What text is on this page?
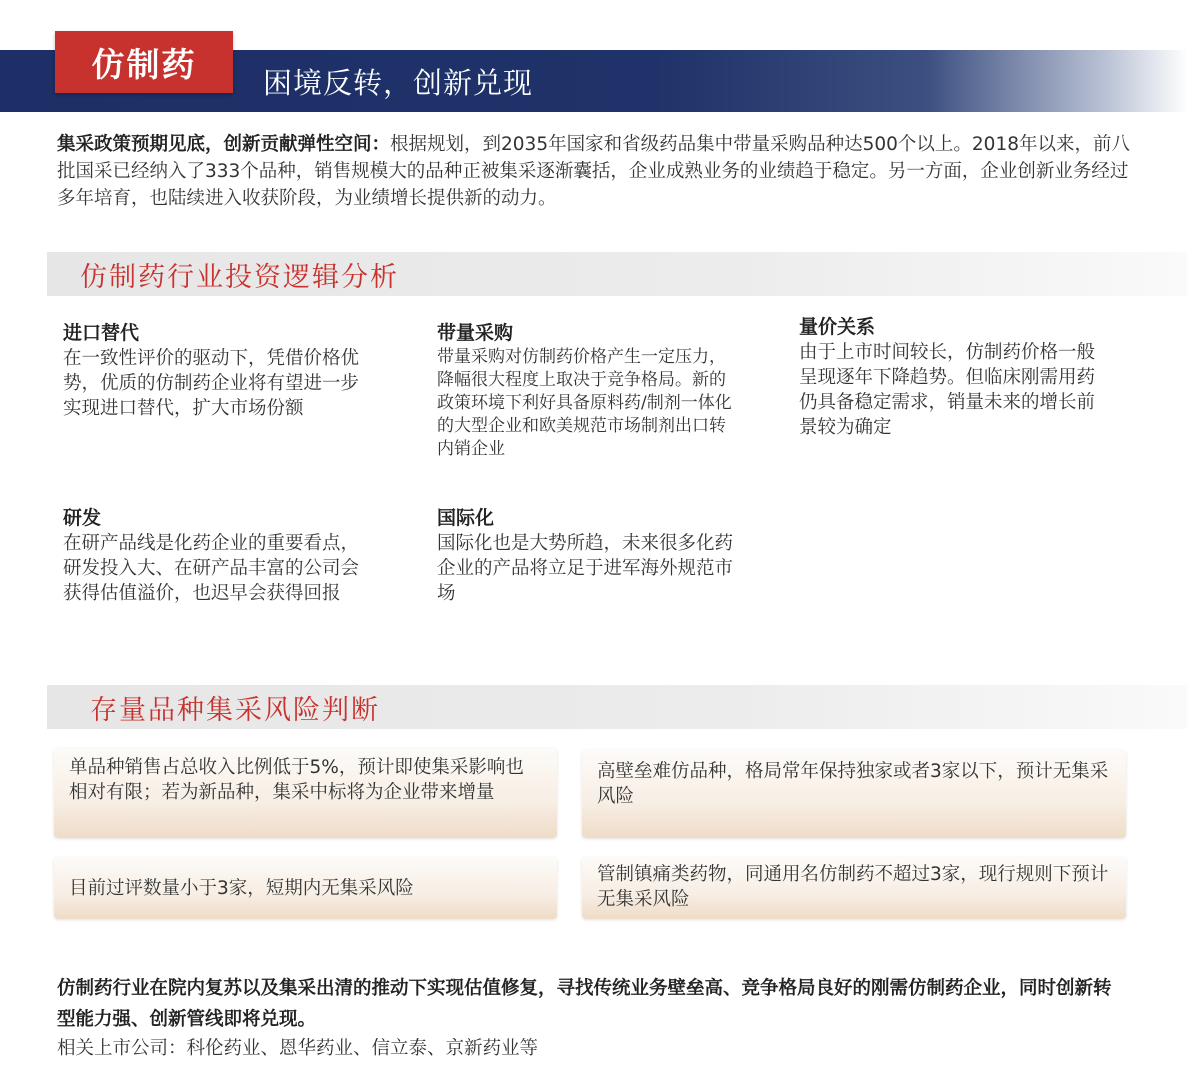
仿制药	困境反转，创新兑现

集采政策预期见底，创新贡献弹性空间：根据规划，到2035年国家和省级药品集中带量采购品种达500个以上。2018年以来，前八批国采已经纳入了333个品种，销售规模大的品种正被集采逐渐囊括，企业成熟业务的业绩趋于稳定。另一方面，企业创新业务经过多年培育，也陆续进入收获阶段，为业绩增长提供新的动力。

仿制药行业投资逻辑分析
进口替代
在一致性评价的驱动下，凭借价格优势，优质的仿制药企业将有望进一步实现进口替代，扩大市场份额
带量采购
带量采购对仿制药价格产生一定压力，降幅很大程度上取决于竞争格局。新的政策环境下利好具备原料药/制剂一体化的大型企业和欧美规范市场制剂出口转内销企业
量价关系
由于上市时间较长，仿制药价格一般呈现逐年下降趋势。但临床刚需用药仍具备稳定需求，销量未来的增长前景较为确定
研发
在研产品线是化药企业的重要看点，研发投入大、在研产品丰富的公司会获得估值溢价，也迟早会获得回报
国际化
国际化也是大势所趋，未来很多化药企业的产品将立足于进军海外规范市场
存量品种集采风险判断
单品种销售占总收入比例低于5%，预计即使集采影响也相对有限；若为新品种，集采中标将为企业带来增量
高壁垒难仿品种，格局常年保持独家或者3家以下，预计无集采风险
目前过评数量小于3家，短期内无集采风险
管制镇痛类药物，同通用名仿制药不超过3家，现行规则下预计无集采风险

仿制药行业在院内复苏以及集采出清的推动下实现估值修复，寻找传统业务壁垒高、竞争格局良好的刚需仿制药企业，同时创新转型能力强、创新管线即将兑现。

相关上市公司：科伦药业、恩华药业、信立泰、京新药业等
